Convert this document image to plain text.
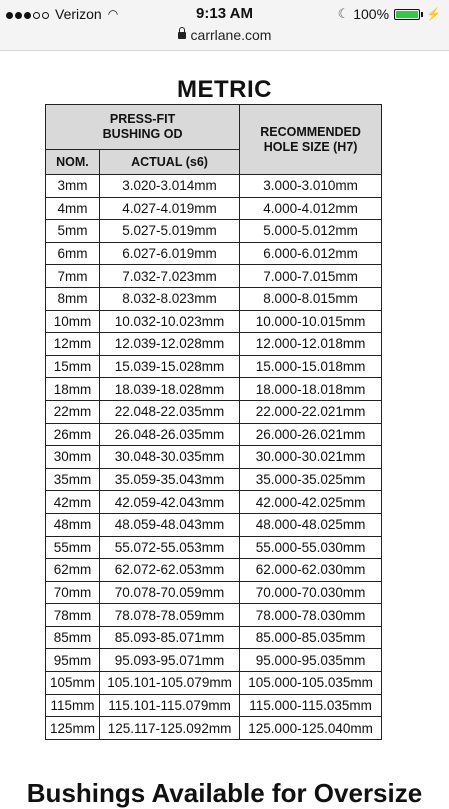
Verizon ◠	9:13 AM	☾ 100%	⚡
carrlane.com
METRIC
PRESS-FIT BUSHING OD		RECOMMENDED HOLE SIZE (H7)

NOM.	ACTUAL (s6)	
3mm	3.020-3.014mm	3.000-3.010mm
4mm	4.027-4.019mm	4.000-4.012mm
5mm	5.027-5.019mm	5.000-5.012mm
6mm	6.027-6.019mm	6.000-6.012mm
7mm	7.032-7.023mm	7.000-7.015mm
8mm	8.032-8.023mm	8.000-8.015mm
10mm	10.032-10.023mm	10.000-10.015mm
12mm	12.039-12.028mm	12.000-12.018mm
15mm	15.039-15.028mm	15.000-15.018mm
18mm	18.039-18.028mm	18.000-18.018mm
22mm	22.048-22.035mm	22.000-22.021mm
26mm	26.048-26.035mm	26.000-26.021mm
30mm	30.048-30.035mm	30.000-30.021mm
35mm	35.059-35.043mm	35.000-35.025mm
42mm	42.059-42.043mm	42.000-42.025mm
48mm	48.059-48.043mm	48.000-48.025mm
55mm	55.072-55.053mm	55.000-55.030mm
62mm	62.072-62.053mm	62.000-62.030mm
70mm	70.078-70.059mm	70.000-70.030mm
78mm	78.078-78.059mm	78.000-78.030mm
85mm	85.093-85.071mm	85.000-85.035mm
95mm	95.093-95.071mm	95.000-95.035mm
105mm	105.101-105.079mm	105.000-105.035mm
115mm	115.101-115.079mm	115.000-115.035mm
125mm	125.117-125.092mm	125.000-125.040mm
Bushings Available for Oversize
